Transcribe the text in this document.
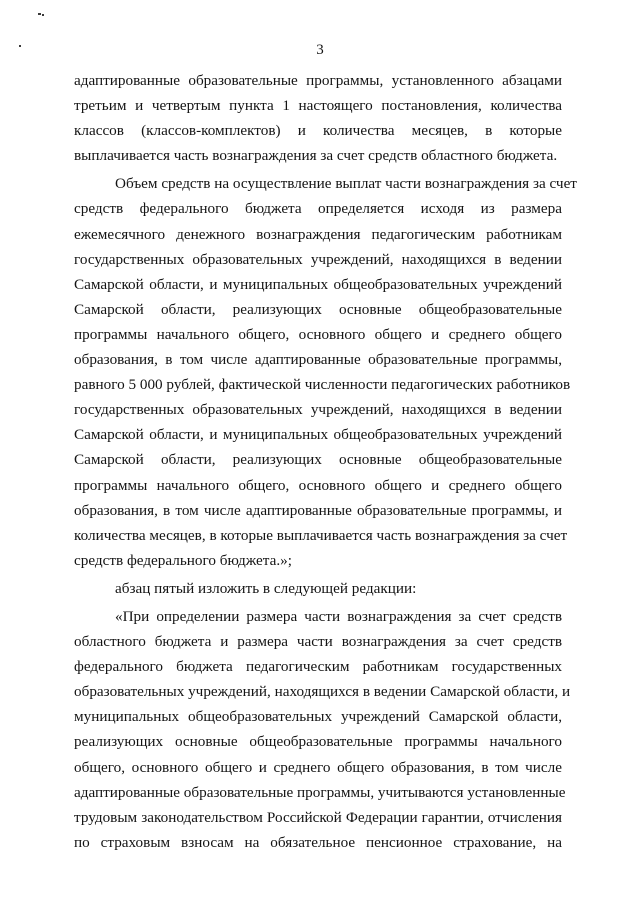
3
адаптированные образовательные программы, установленного абзацами
третьим и четвертым пункта 1 настоящего постановления, количества
классов (классов-комплектов) и количества месяцев, в которые
выплачивается часть вознаграждения за счет средств областного бюджета.
Объем средств на осуществление выплат части вознаграждения за счет
средств федерального бюджета определяется исходя из размера
ежемесячного денежного вознаграждения педагогическим работникам
государственных образовательных учреждений, находящихся в ведении
Самарской области, и муниципальных общеобразовательных учреждений
Самарской области, реализующих основные общеобразовательные
программы начального общего, основного общего и среднего общего
образования, в том числе адаптированные образовательные программы,
равного 5 000 рублей, фактической численности педагогических работников
государственных образовательных учреждений, находящихся в ведении
Самарской области, и муниципальных общеобразовательных учреждений
Самарской области, реализующих основные общеобразовательные
программы начального общего, основного общего и среднего общего
образования, в том числе адаптированные образовательные программы, и
количества месяцев, в которые выплачивается часть вознаграждения за счет
средств федерального бюджета.»;
абзац пятый изложить в следующей редакции:
«При определении размера части вознаграждения за счет средств
областного бюджета и размера части вознаграждения за счет средств
федерального бюджета педагогическим работникам государственных
образовательных учреждений, находящихся в ведении Самарской области, и
муниципальных общеобразовательных учреждений Самарской области,
реализующих основные общеобразовательные программы начального
общего, основного общего и среднего общего образования, в том числе
адаптированные образовательные программы, учитываются установленные
трудовым законодательством Российской Федерации гарантии, отчисления
по страховым взносам на обязательное пенсионное страхование, на
